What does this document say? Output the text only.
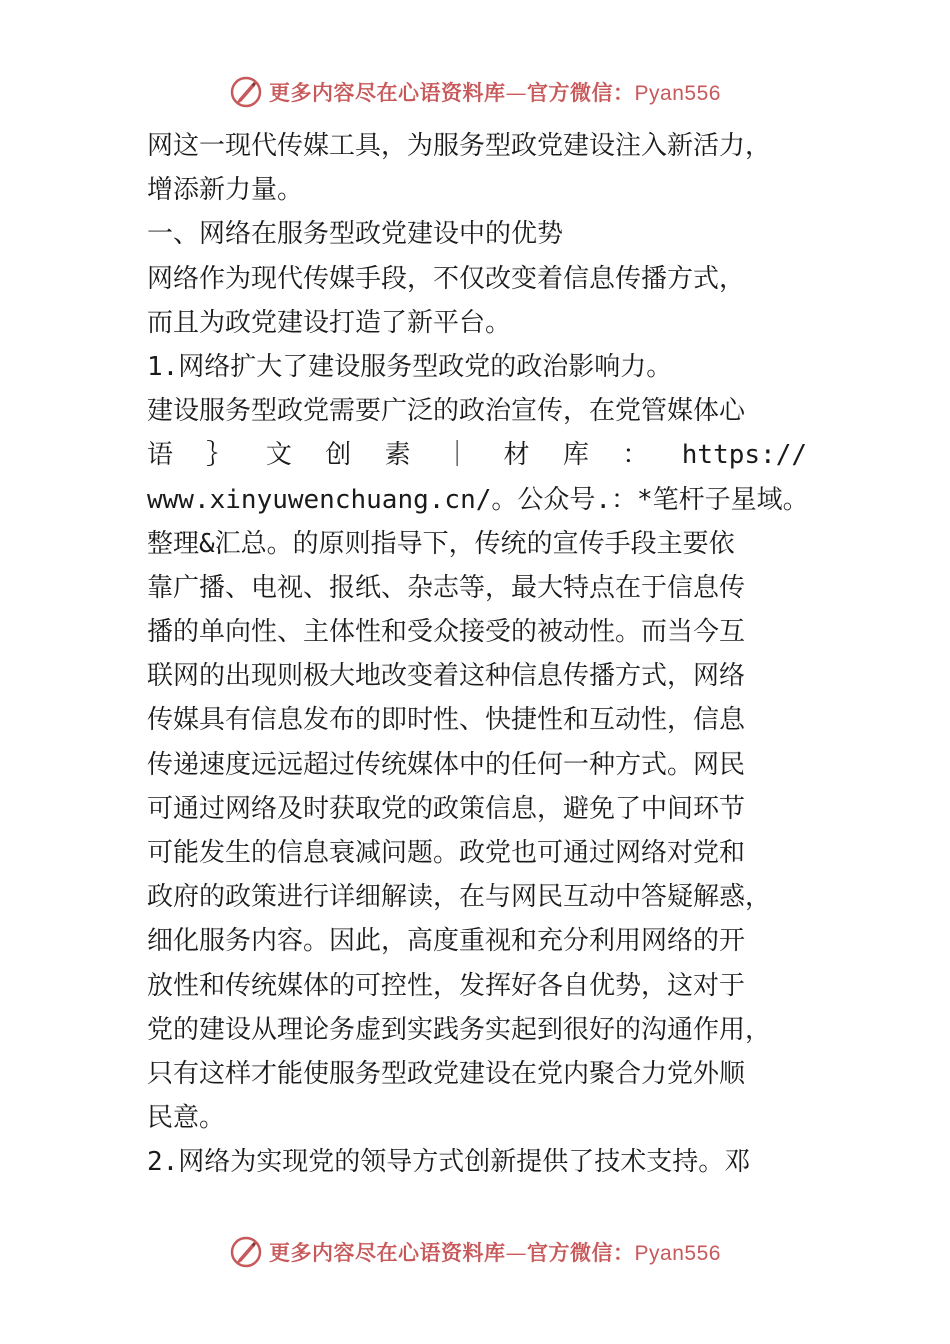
更多内容尽在心语资料库—官方微信：Pyan556
网这一现代传媒工具，为服务型政党建设注入新活力，
增添新力量。
一、网络在服务型政党建设中的优势
网络作为现代传媒手段，不仅改变着信息传播方式，
而且为政党建设打造了新平台。
1.网络扩大了建设服务型政党的政治影响力。
建设服务型政党需要广泛的政治宣传，在党管媒体心
语 ｝ 文 创 素 ｜ 材 库 ： https://
www.xinyuwenchuang.cn/。公众号.：*笔杆子星域。
整理&汇总。的原则指导下，传统的宣传手段主要依
靠广播、电视、报纸、杂志等，最大特点在于信息传
播的单向性、主体性和受众接受的被动性。而当今互
联网的出现则极大地改变着这种信息传播方式，网络
传媒具有信息发布的即时性、快捷性和互动性，信息
传递速度远远超过传统媒体中的任何一种方式。网民
可通过网络及时获取党的政策信息，避免了中间环节
可能发生的信息衰减问题。政党也可通过网络对党和
政府的政策进行详细解读，在与网民互动中答疑解惑，
细化服务内容。因此，高度重视和充分利用网络的开
放性和传统媒体的可控性，发挥好各自优势，这对于
党的建设从理论务虚到实践务实起到很好的沟通作用，
只有这样才能使服务型政党建设在党内聚合力党外顺
民意。
2.网络为实现党的领导方式创新提供了技术支持。邓
更多内容尽在心语资料库—官方微信：Pyan556
